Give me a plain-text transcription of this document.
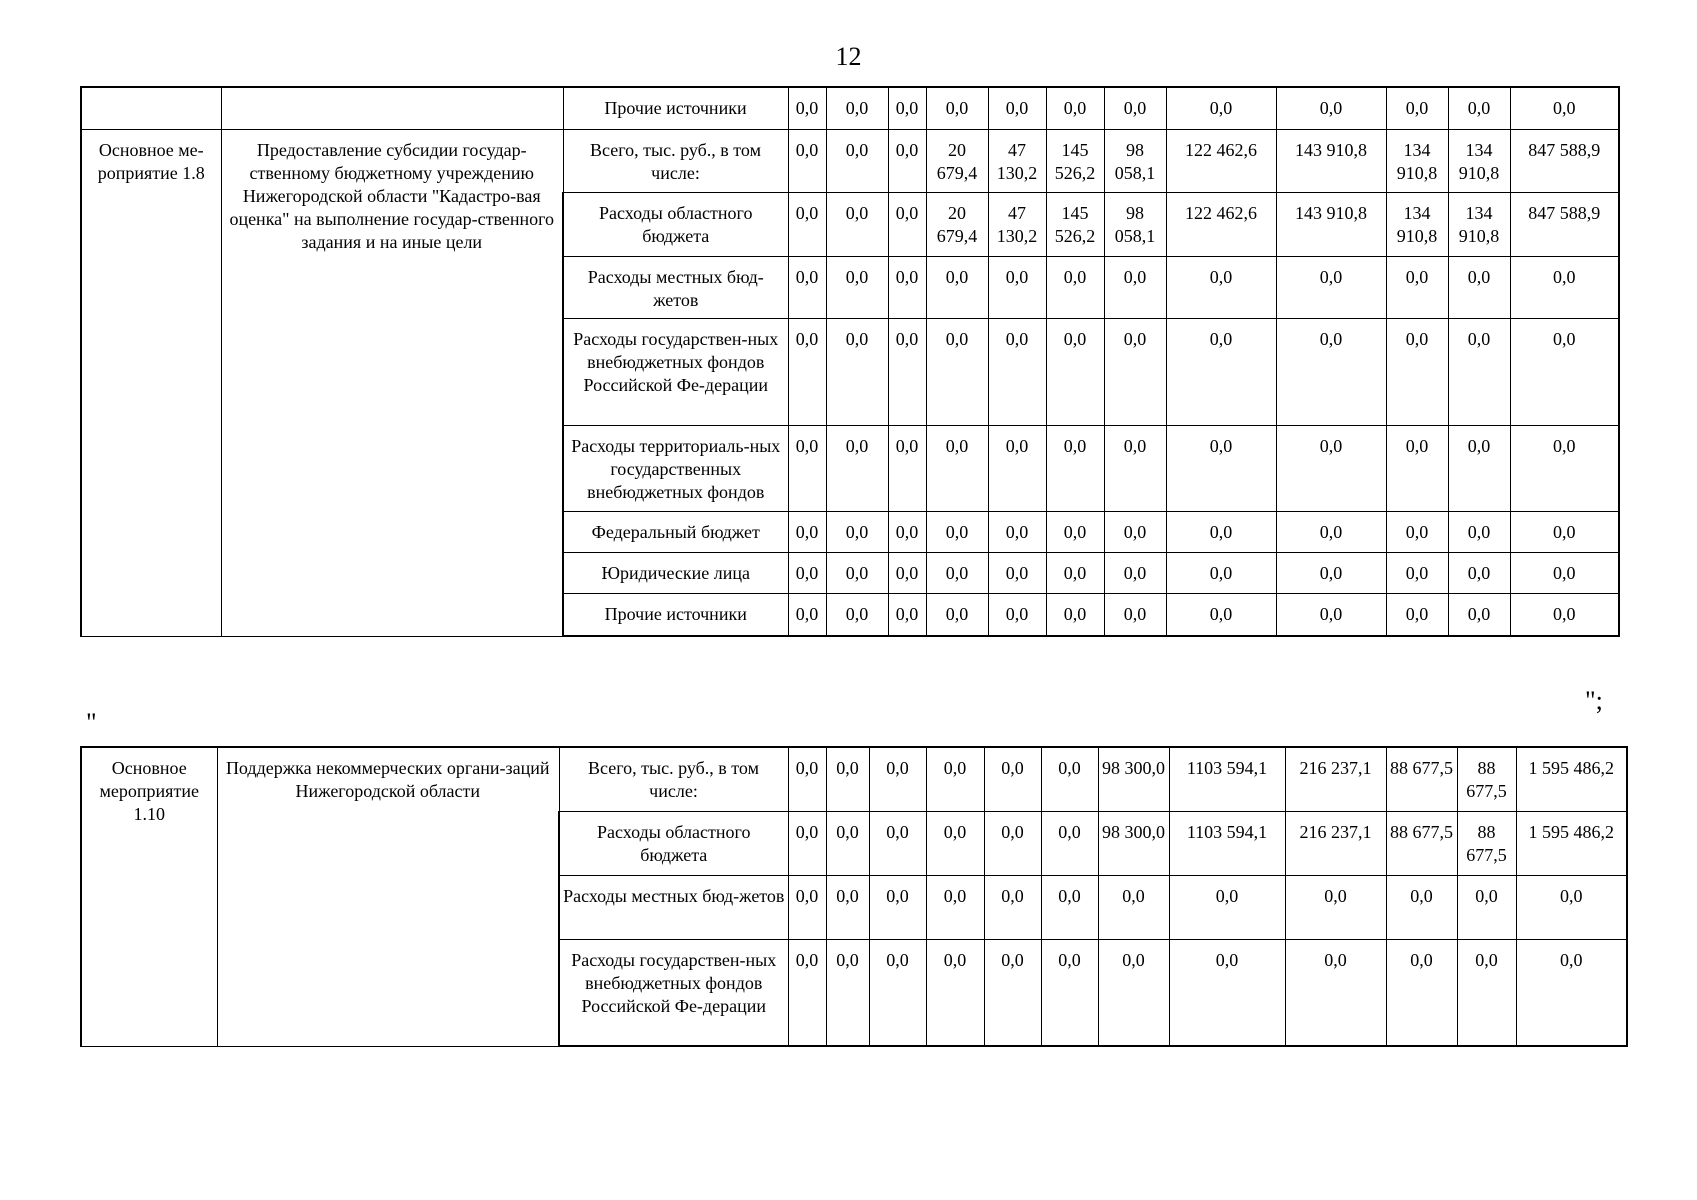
12
		Прочие источники	0,0	0,0	0,0	0,0	0,0	0,0	0,0	0,0	0,0	0,0	0,0	0,0
Основное ме-роприятие 1.8	Предоставление субсидии государ-ственному бюджетному учреждению Нижегородской области "Кадастро-вая оценка" на выполнение государ-ственного задания и на иные цели	Всего, тыс. руб., в том числе:	0,0	0,0	0,0	20 679,4	47 130,2	145 526,2	98 058,1	122 462,6	143 910,8	134 910,8	134 910,8	847 588,9
		Расходы областного бюджета	0,0	0,0	0,0	20 679,4	47 130,2	145 526,2	98 058,1	122 462,6	143 910,8	134 910,8	134 910,8	847 588,9
		Расходы местных бюд-жетов	0,0	0,0	0,0	0,0	0,0	0,0	0,0	0,0	0,0	0,0	0,0	0,0
		Расходы государствен-ных внебюджетных фондов Российской Фе-дерации	0,0	0,0	0,0	0,0	0,0	0,0	0,0	0,0	0,0	0,0	0,0	0,0
		Расходы территориаль-ных государственных внебюджетных фондов	0,0	0,0	0,0	0,0	0,0	0,0	0,0	0,0	0,0	0,0	0,0	0,0
		Федеральный бюджет	0,0	0,0	0,0	0,0	0,0	0,0	0,0	0,0	0,0	0,0	0,0	0,0
		Юридические лица	0,0	0,0	0,0	0,0	0,0	0,0	0,0	0,0	0,0	0,0	0,0	0,0
		Прочие источники	0,0	0,0	0,0	0,0	0,0	0,0	0,0	0,0	0,0	0,0	0,0	0,0
";
"
Основное мероприятие 1.10	Поддержка некоммерческих органи-заций Нижегородской области	Всего, тыс. руб., в том числе:	0,0	0,0	0,0	0,0	0,0	0,0	98 300,0	1103 594,1	216 237,1	88 677,5	88 677,5	1 595 486,2
		Расходы областного бюджета	0,0	0,0	0,0	0,0	0,0	0,0	98 300,0	1103 594,1	216 237,1	88 677,5	88 677,5	1 595 486,2
		Расходы местных бюд-жетов	0,0	0,0	0,0	0,0	0,0	0,0	0,0	0,0	0,0	0,0	0,0	0,0
		Расходы государствен-ных внебюджетных фондов Российской Фе-дерации	0,0	0,0	0,0	0,0	0,0	0,0	0,0	0,0	0,0	0,0	0,0	0,0
